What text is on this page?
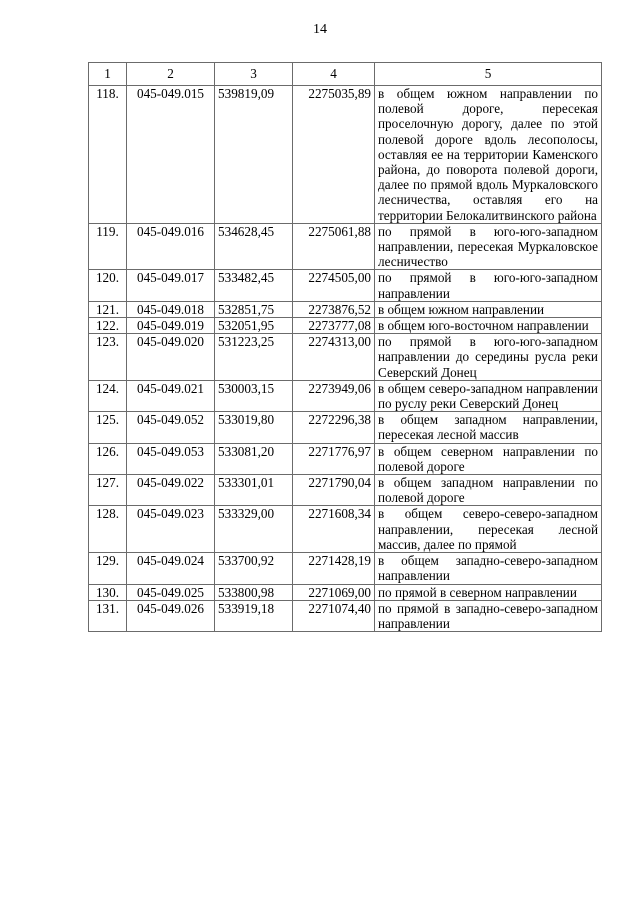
14
1	2	3	4	5
118.	045-049.015	539819,09	2275035,89	в общем южном направлении по полевой дороге, пересекая проселочную дорогу, далее по этой полевой дороге вдоль лесополосы, оставляя ее на территории Каменского района, до поворота полевой дороги, далее по прямой вдоль Муркаловского лесничества, оставляя его на территории Белокалитвинского района
119.	045-049.016	534628,45	2275061,88	по прямой в юго-юго-западном направлении, пересекая Муркаловское лесничество
120.	045-049.017	533482,45	2274505,00	по прямой в юго-юго-западном направлении
121.	045-049.018	532851,75	2273876,52	в общем южном направлении
122.	045-049.019	532051,95	2273777,08	в общем юго-восточном направлении
123.	045-049.020	531223,25	2274313,00	по прямой в юго-юго-западном направлении до середины русла реки Северский Донец
124.	045-049.021	530003,15	2273949,06	в общем северо-западном направлении по руслу реки Северский Донец
125.	045-049.052	533019,80	2272296,38	в общем западном направлении, пересекая лесной массив
126.	045-049.053	533081,20	2271776,97	в общем северном направлении по полевой дороге
127.	045-049.022	533301,01	2271790,04	в общем западном направлении по полевой дороге
128.	045-049.023	533329,00	2271608,34	в общем северо-северо-западном направлении, пересекая лесной массив, далее по прямой
129.	045-049.024	533700,92	2271428,19	в общем западно-северо-западном направлении
130.	045-049.025	533800,98	2271069,00	по прямой в северном направлении
131.	045-049.026	533919,18	2271074,40	по прямой в западно-северо-западном направлении
